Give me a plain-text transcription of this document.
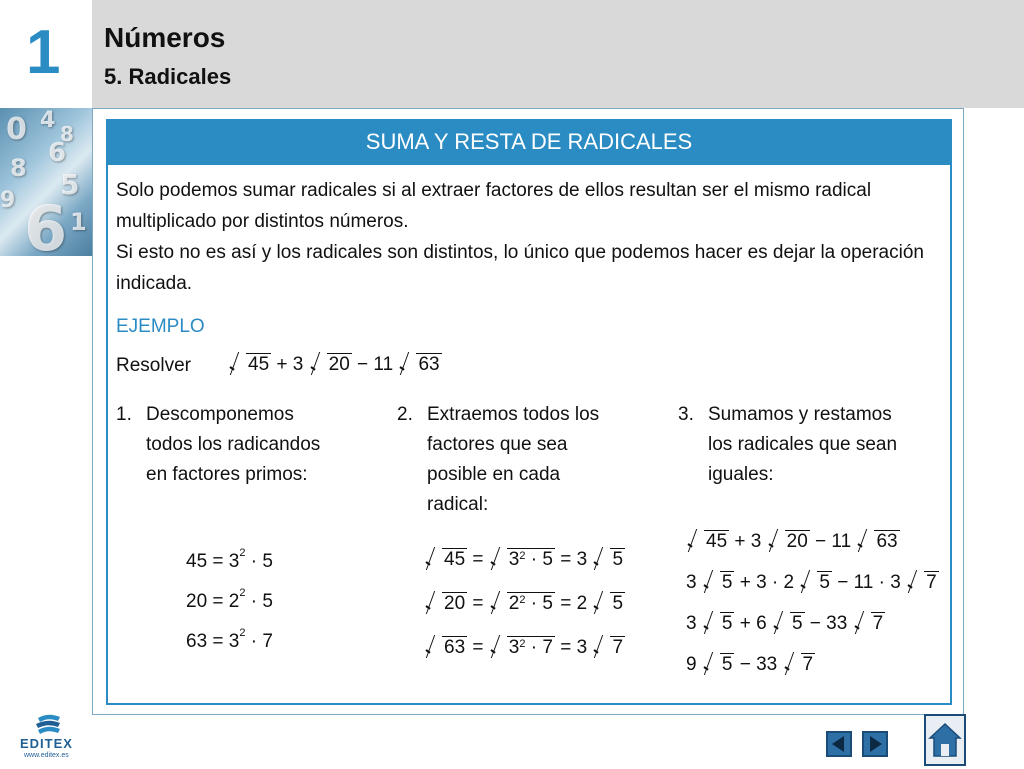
1 Números
5. Radicales
0 4
8
6
8 5
9 6 1
SUMA Y RESTA DE RADICALES
Solo podemos sumar radicales si al extraer factores de ellos resultan ser el mismo radical multiplicado por distintos números.
Si esto no es así y los radicales son distintos, lo único que podemos hacer es dejar la operación indicada.
EJEMPLO
Resolver	45 + 3 20 − 11 63
1. Descomponemos
todos los radicandos
en factores primos:
2. Extraemos todos los
factores que sea
posible en cada
radical:
3. Sumamos y restamos
los radicales que sean
iguales:
$45 = 3^2 \cdot 5$
$20 = 2^2 \cdot 5$
$63 = 3^2 \cdot 7$
$45 = 3^2 \cdot 5 = 3$ 5
$20 = 2^2 \cdot 5 = 2$ 5
$63 = 3^2 \cdot 7 = 3$ 7
45 + 3 20 − 11 63
3 5 + 3 · 2 5 − 11 · 3 7
3 5 + 6 5 − 33 7
9 5 − 33 7
EDITEX
www.editex.es
